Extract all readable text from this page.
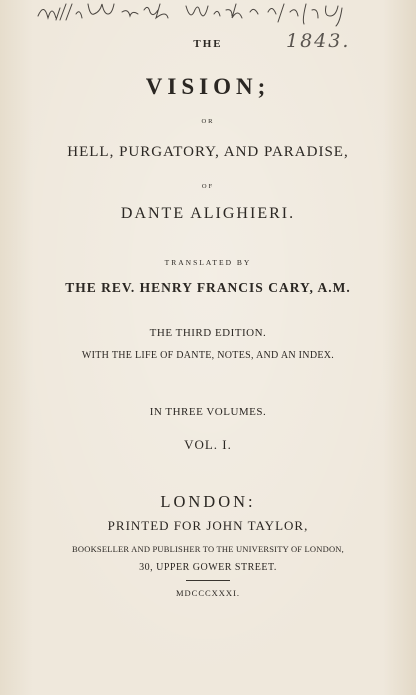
1843.
THE
VISION;
OR
HELL, PURGATORY, AND PARADISE,
OF
DANTE ALIGHIERI.
TRANSLATED BY
THE REV. HENRY FRANCIS CARY, A.M.
THE THIRD EDITION.
WITH THE LIFE OF DANTE, NOTES, AND AN INDEX.
IN THREE VOLUMES.
VOL. I.
LONDON:
PRINTED FOR JOHN TAYLOR,
BOOKSELLER AND PUBLISHER TO THE UNIVERSITY OF LONDON,
30, UPPER GOWER STREET.
MDCCCXXXI.
